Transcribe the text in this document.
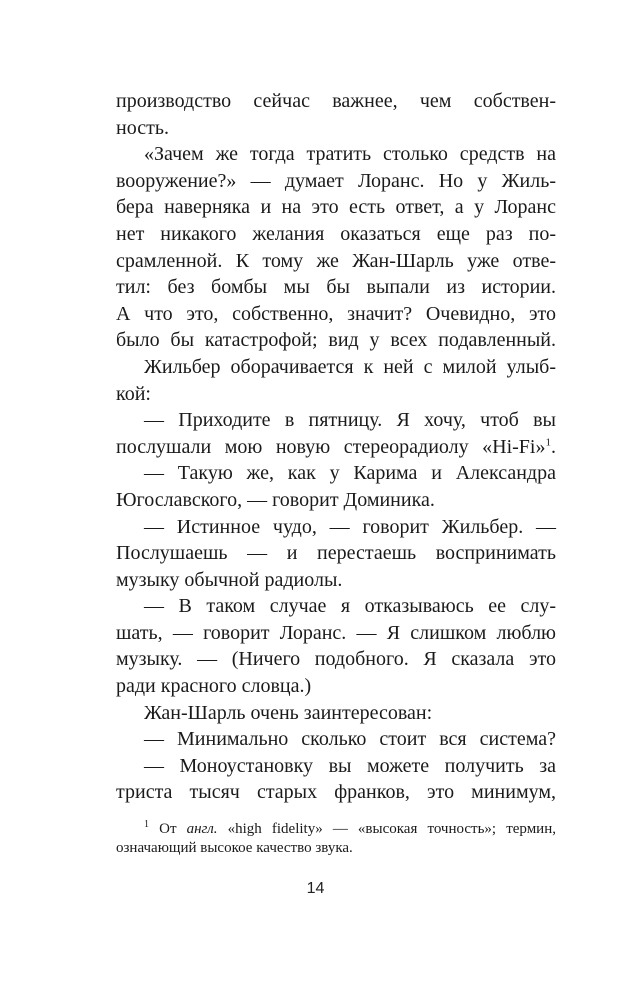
производство сейчас важнее, чем собствен-
ность.
«Зачем же тогда тратить столько средств на
вооружение?» — думает Лоранс. Но у Жиль-
бера наверняка и на это есть ответ, а у Лоранс
нет никакого желания оказаться еще раз по-
срамленной. К тому же Жан-Шарль уже отве-
тил: без бомбы мы бы выпали из истории.
А что это, собственно, значит? Очевидно, это
было бы катастрофой; вид у всех подавленный.
Жильбер оборачивается к ней с милой улыб-
кой:
— Приходите в пятницу. Я хочу, чтоб вы
послушали мою новую стереорадиолу «Hi-Fi»$^1$.
— Такую же, как у Карима и Александра
Югославского, — говорит Доминика.
— Истинное чудо, — говорит Жильбер. —
Послушаешь — и перестаешь воспринимать
музыку обычной радиолы.
— В таком случае я отказываюсь ее слу-
шать, — говорит Лоранс. — Я слишком люблю
музыку. — (Ничего подобного. Я сказала это
ради красного словца.)
Жан-Шарль очень заинтересован:
— Минимально сколько стоит вся система?
— Моноустановку вы можете получить за
триста тысяч старых франков, это минимум,
$^1$ От англ. «high fidelity» — «высокая точность»; термин,
означающий высокое качество звука.
14
